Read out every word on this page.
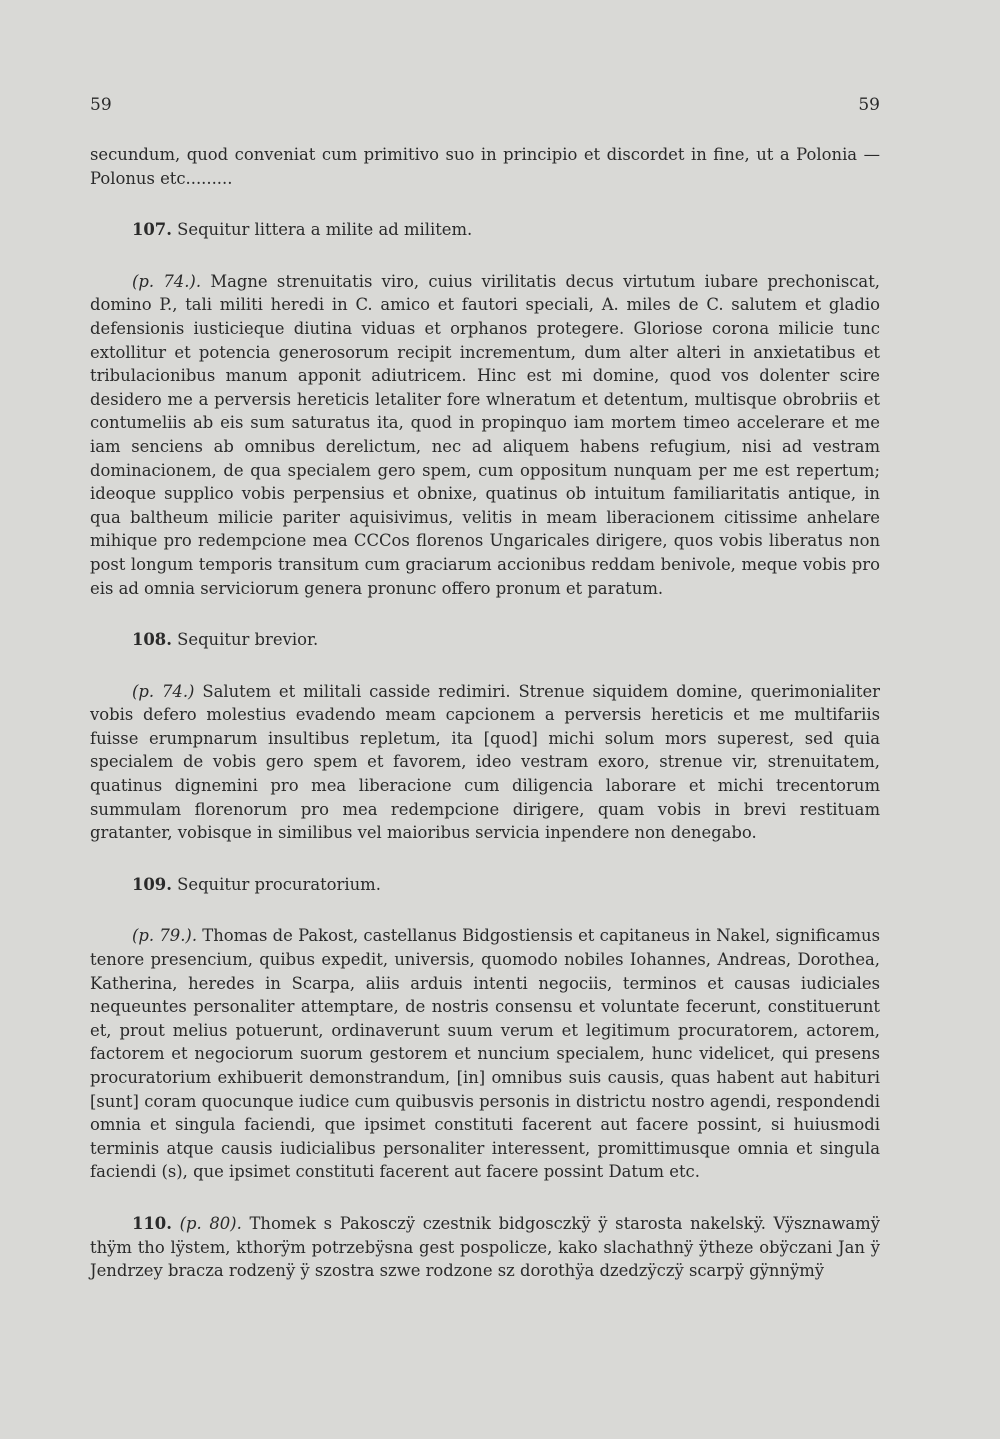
59	59

secundum, quod conveniat cum primitivo suo in principio et discordet in fine, ut a Polonia — Polonus etc.........

107. Sequitur littera a milite ad militem.

(p. 74.). Magne strenuitatis viro, cuius virilitatis decus virtutum iubare prechoniscat, domino P., tali militi heredi in C. amico et fautori speciali, A. miles de C. salutem et gladio defensionis iusticieque diutina viduas et orphanos protegere. Gloriose corona milicie tunc extollitur et potencia generosorum recipit incrementum, dum alter alteri in anxietatibus et tribulacionibus manum apponit adiutricem. Hinc est mi domine, quod vos dolenter scire desidero me a perversis hereticis letaliter fore wlneratum et detentum, multisque obrobriis et contumeliis ab eis sum saturatus ita, quod in propinquo iam mortem timeo accelerare et me iam senciens ab omnibus derelictum, nec ad aliquem habens refugium, nisi ad vestram dominacionem, de qua specialem gero spem, cum oppositum nunquam per me est repertum; ideoque supplico vobis perpensius et obnixe, quatinus ob intuitum familiaritatis antique, in qua baltheum milicie pariter aquisivimus, velitis in meam liberacionem citissime anhelare mihique pro redempcione mea CCCos florenos Ungaricales dirigere, quos vobis liberatus non post longum temporis transitum cum graciarum accionibus reddam benivole, meque vobis pro eis ad omnia serviciorum genera pronunc offero pronum et paratum.

108. Sequitur brevior.

(p. 74.) Salutem et militali casside redimiri. Strenue siquidem domine, querimonialiter vobis defero molestius evadendo meam capcionem a perversis hereticis et me multifariis fuisse erumpnarum insultibus repletum, ita [quod] michi solum mors superest, sed quia specialem de vobis gero spem et favorem, ideo vestram exoro, strenue vir, strenuitatem, quatinus dignemini pro mea liberacione cum diligencia laborare et michi trecentorum summulam florenorum pro mea redempcione dirigere, quam vobis in brevi restituam gratanter, vobisque in similibus vel maioribus servicia inpendere non denegabo.

109. Sequitur procuratorium.

(p. 79.). Thomas de Pakost, castellanus Bidgostiensis et capitaneus in Nakel, significamus tenore presencium, quibus expedit, universis, quomodo nobiles Iohannes, Andreas, Dorothea, Katherina, heredes in Scarpa, aliis arduis intenti negociis, terminos et causas iudiciales nequeuntes personaliter attemptare, de nostris consensu et voluntate fecerunt, constituerunt et, prout melius potuerunt, ordinaverunt suum verum et legitimum procuratorem, actorem, factorem et negociorum suorum gestorem et nuncium specialem, hunc videlicet, qui presens procuratorium exhibuerit demonstrandum, [in] omnibus suis causis, quas habent aut habituri [sunt] coram quocunque iudice cum quibusvis personis in districtu nostro agendi, respondendi omnia et singula faciendi, que ipsimet constituti facerent aut facere possint, si huiusmodi terminis atque causis iudicialibus personaliter interessent, promittimusque omnia et singula faciendi (s), que ipsimet constituti facerent aut facere possint Datum etc.

110. (p. 80). Thomek s Pakosczÿ czestnik bidgosczkÿ ÿ starosta nakelskÿ. Vÿsznawamÿ thÿm tho lÿstem, kthorÿm potrzebÿsna gest pospolicze, kako slachathnÿ ÿtheze obÿczani Jan ÿ Jendrzey bracza rodzenÿ ÿ szostra szwe rodzone sz dorothÿa dzedzÿczÿ scarpÿ gÿnnÿmÿ
